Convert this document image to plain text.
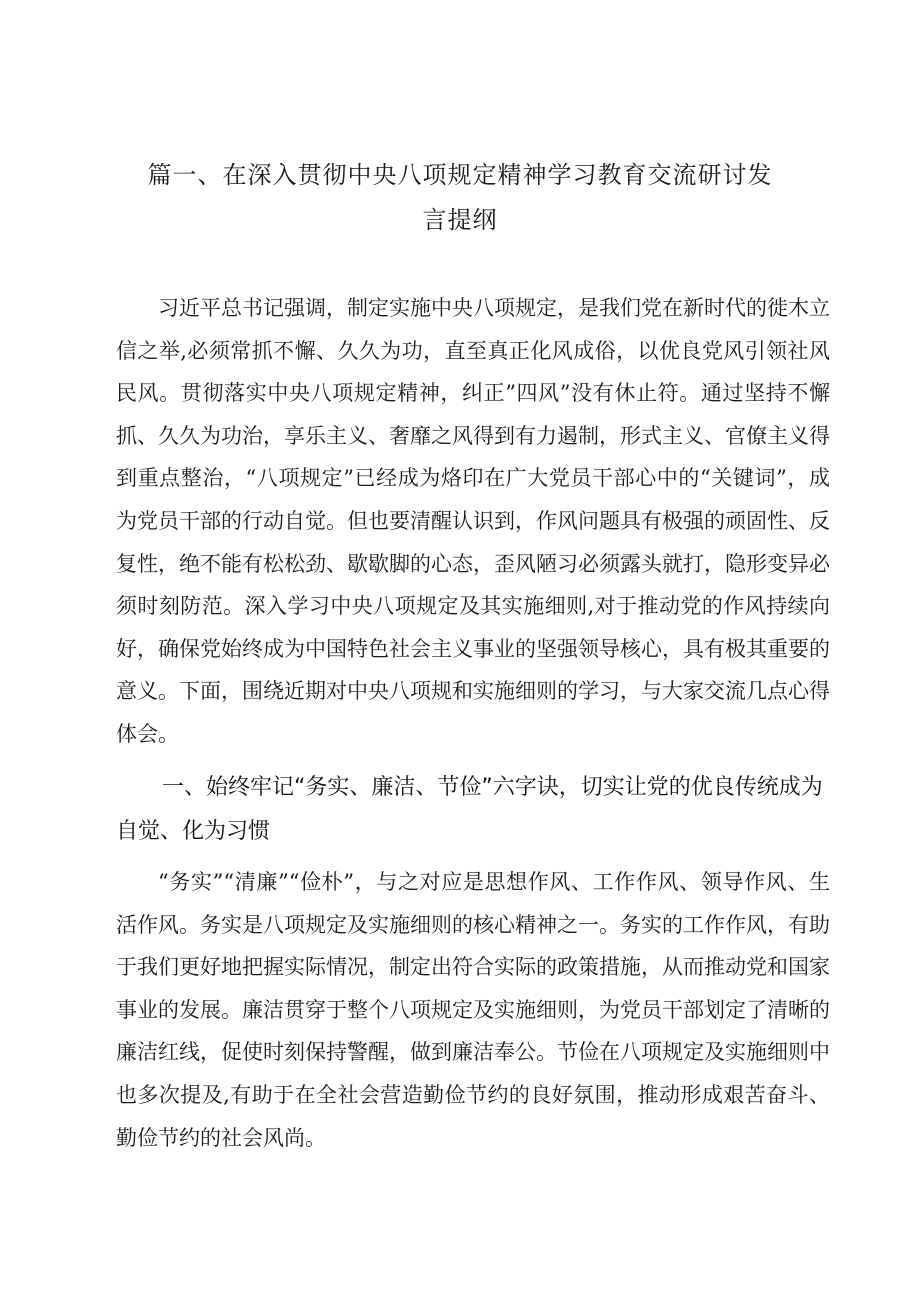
篇一、在深入贯彻中央八项规定精神学习教育交流研讨发
言提纲

习近平总书记强调，制定实施中央八项规定，是我们党在新时代的徙木立信之举,必须常抓不懈、久久为功，直至真正化风成俗，以优良党风引领社风民风。贯彻落实中央八项规定精神，纠正”四风”没有休止符。通过坚持不懈抓、久久为功治，享乐主义、奢靡之风得到有力遏制，形式主义、官僚主义得到重点整治，“八项规定”已经成为烙印在广大党员干部心中的“关键词”，成为党员干部的行动自觉。但也要清醒认识到，作风问题具有极强的顽固性、反复性，绝不能有松松劲、歇歇脚的心态，歪风陋习必须露头就打，隐形变异必须时刻防范。深入学习中央八项规定及其实施细则,对于推动党的作风持续向好，确保党始终成为中国特色社会主义事业的坚强领导核心，具有极其重要的意义。下面，围绕近期对中央八项规和实施细则的学习，与大家交流几点心得体会。

一、始终牢记“务实、廉洁、节俭”六字诀，切实让党的优良传统成为自觉、化为习惯

“务实”“清廉”“俭朴”，与之对应是思想作风、工作作风、领导作风、生活作风。务实是八项规定及实施细则的核心精神之一。务实的工作作风，有助于我们更好地把握实际情况，制定出符合实际的政策措施，从而推动党和国家事业的发展。廉洁贯穿于整个八项规定及实施细则，为党员干部划定了清晰的廉洁红线，促使时刻保持警醒，做到廉洁奉公。节俭在八项规定及实施细则中也多次提及,有助于在全社会营造勤俭节约的良好氛围，推动形成艰苦奋斗、勤俭节约的社会风尚。
